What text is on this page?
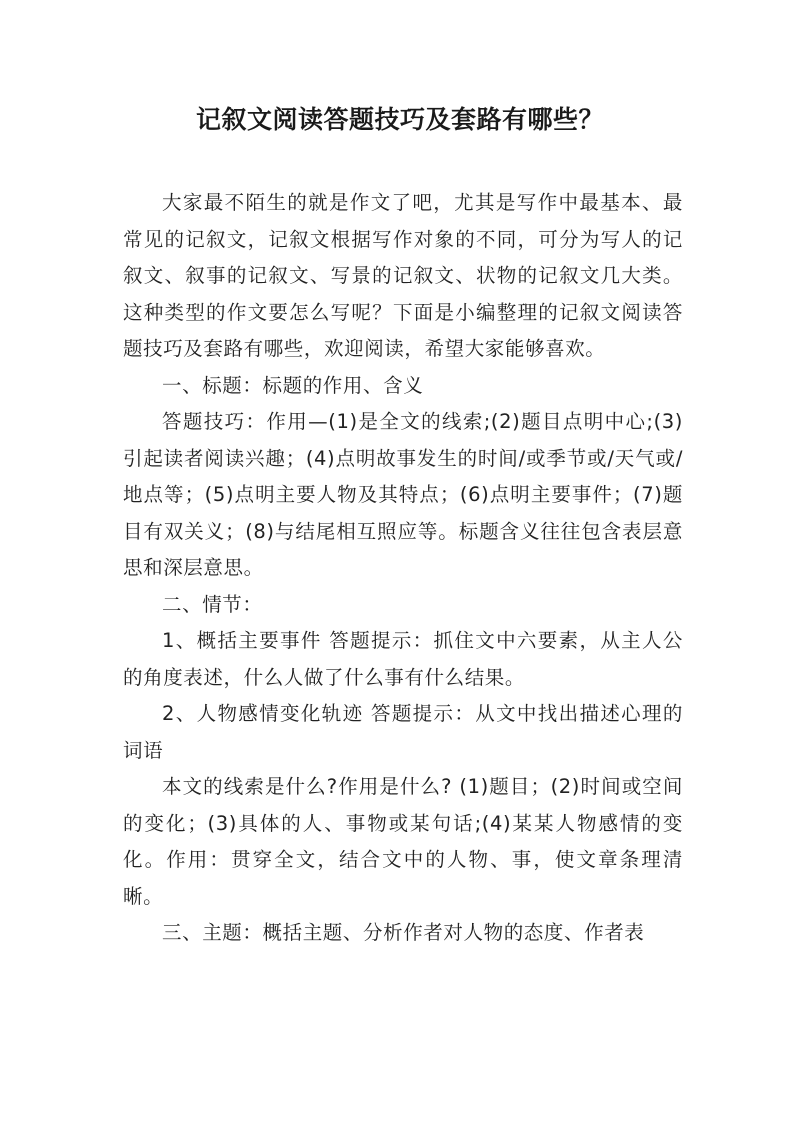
记叙文阅读答题技巧及套路有哪些？

大家最不陌生的就是作文了吧，尤其是写作中最基本、最常见的记叙文，记叙文根据写作对象的不同，可分为写人的记叙文、叙事的记叙文、写景的记叙文、状物的记叙文几大类。这种类型的作文要怎么写呢？下面是小编整理的记叙文阅读答题技巧及套路有哪些，欢迎阅读，希望大家能够喜欢。

一、标题：标题的作用、含义

答题技巧：作用—(1)是全文的线索;(2)题目点明中心;(3)引起读者阅读兴趣；(4)点明故事发生的时间/或季节或/天气或/地点等；(5)点明主要人物及其特点；(6)点明主要事件；(7)题目有双关义；(8)与结尾相互照应等。标题含义往往包含表层意思和深层意思。

二、情节：

1、概括主要事件 答题提示：抓住文中六要素，从主人公的角度表述，什么人做了什么事有什么结果。

2、人物感情变化轨迹 答题提示：从文中找出描述心理的词语

本文的线索是什么?作用是什么? (1)题目；(2)时间或空间的变化；(3)具体的人、事物或某句话;(4)某某人物感情的变化。作用：贯穿全文，结合文中的人物、事，使文章条理清晰。

三、主题：概括主题、分析作者对人物的态度、作者表
